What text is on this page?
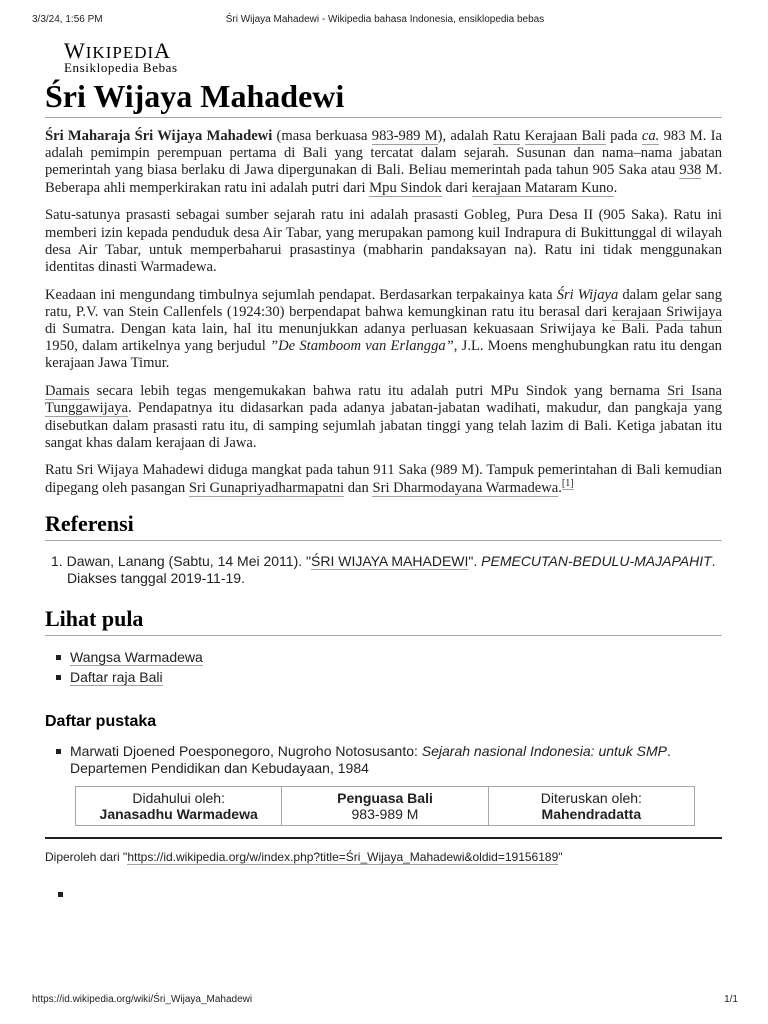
3/3/24, 1:56 PM	Śri Wijaya Mahadewi - Wikipedia bahasa Indonesia, ensiklopedia bebas
WIKIPEDIA
Ensiklopedia Bebas
Śri Wijaya Mahadewi

Śri Maharaja Śri Wijaya Mahadewi (masa berkuasa 983-989 M), adalah Ratu Kerajaan Bali pada ca. 983 M. Ia adalah pemimpin perempuan pertama di Bali yang tercatat dalam sejarah. Susunan dan nama–nama jabatan pemerintah yang biasa berlaku di Jawa dipergunakan di Bali. Beliau memerintah pada tahun 905 Saka atau 938 M. Beberapa ahli memperkirakan ratu ini adalah putri dari Mpu Sindok dari kerajaan Mataram Kuno.

Satu-satunya prasasti sebagai sumber sejarah ratu ini adalah prasasti Gobleg, Pura Desa II (905 Saka). Ratu ini memberi izin kepada penduduk desa Air Tabar, yang merupakan pamong kuil Indrapura di Bukittunggal di wilayah desa Air Tabar, untuk memperbaharui prasastinya (mabharin pandaksayan na). Ratu ini tidak menggunakan identitas dinasti Warmadewa.

Keadaan ini mengundang timbulnya sejumlah pendapat. Berdasarkan terpakainya kata Śri Wijaya dalam gelar sang ratu, P.V. van Stein Callenfels (1924:30) berpendapat bahwa kemungkinan ratu itu berasal dari kerajaan Sriwijaya di Sumatra. Dengan kata lain, hal itu menunjukkan adanya perluasan kekuasaan Sriwijaya ke Bali. Pada tahun 1950, dalam artikelnya yang berjudul ”De Stamboom van Erlangga”, J.L. Moens menghubungkan ratu itu dengan kerajaan Jawa Timur.

Damais secara lebih tegas mengemukakan bahwa ratu itu adalah putri MPu Sindok yang bernama Sri Isana Tunggawijaya. Pendapatnya itu didasarkan pada adanya jabatan-jabatan wadihati, makudur, dan pangkaja yang disebutkan dalam prasasti ratu itu, di samping sejumlah jabatan tinggi yang telah lazim di Bali. Ketiga jabatan itu sangat khas dalam kerajaan di Jawa.

Ratu Sri Wijaya Mahadewi diduga mangkat pada tahun 911 Saka (989 M). Tampuk pemerintahan di Bali kemudian dipegang oleh pasangan Sri Gunapriyadharmapatni dan Sri Dharmodayana Warmadewa.[1]

Referensi
1. Dawan, Lanang (Sabtu, 14 Mei 2011). "ŚRI WIJAYA MAHADEWI". PEMECUTAN-BEDULU-MAJAPAHIT. Diakses tanggal 2019-11-19.
Lihat pula
Wangsa Warmadewa
Daftar raja Bali
Daftar pustaka
Marwati Djoened Poesponegoro, Nugroho Notosusanto: Sejarah nasional Indonesia: untuk SMP. Departemen Pendidikan dan Kebudayaan, 1984
Didahului oleh:
Janasadhu Warmadewa

Penguasa Bali
983-989 M

Diteruskan oleh:
Mahendradatta
Diperoleh dari "https://id.wikipedia.org/w/index.php?title=Śri_Wijaya_Mahadewi&oldid=19156189"
https://id.wikipedia.org/wiki/Śri_Wijaya_Mahadewi	1/1
